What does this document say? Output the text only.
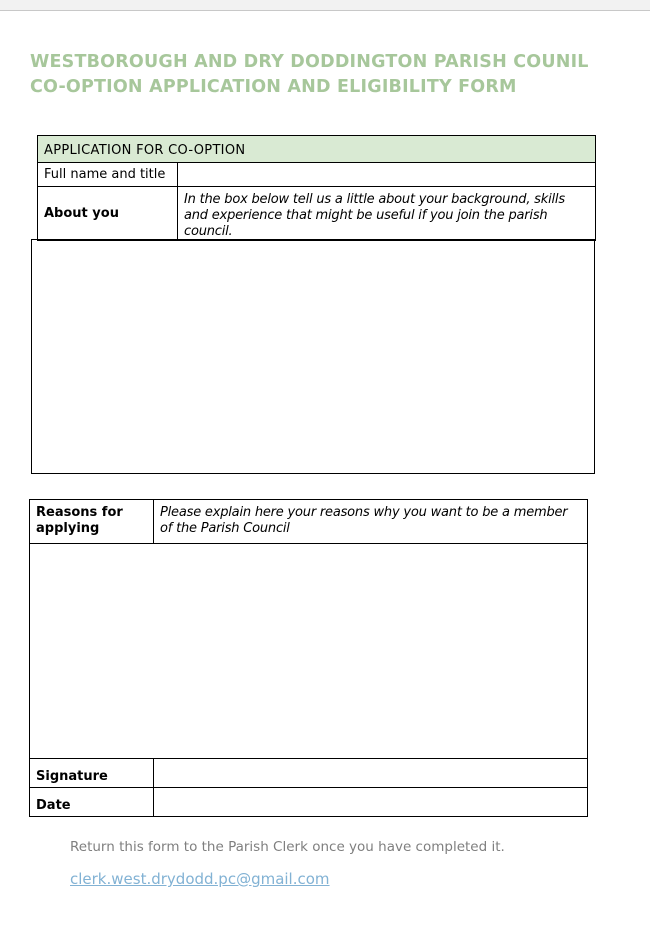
WESTBOROUGH AND DRY DODDINGTON PARISH COUNIL
CO-OPTION APPLICATION AND ELIGIBILITY FORM
APPLICATION FOR CO-OPTION	
Full name and title	
About you	In the box below tell us a little about your background, skills and experience that might be useful if you join the parish council.
Reasons for applying	Please explain here your reasons why you want to be a member of the Parish Council

Signature	
Date	
Return this form to the Parish Clerk once you have completed it.
clerk.west.drydodd.pc@gmail.com
